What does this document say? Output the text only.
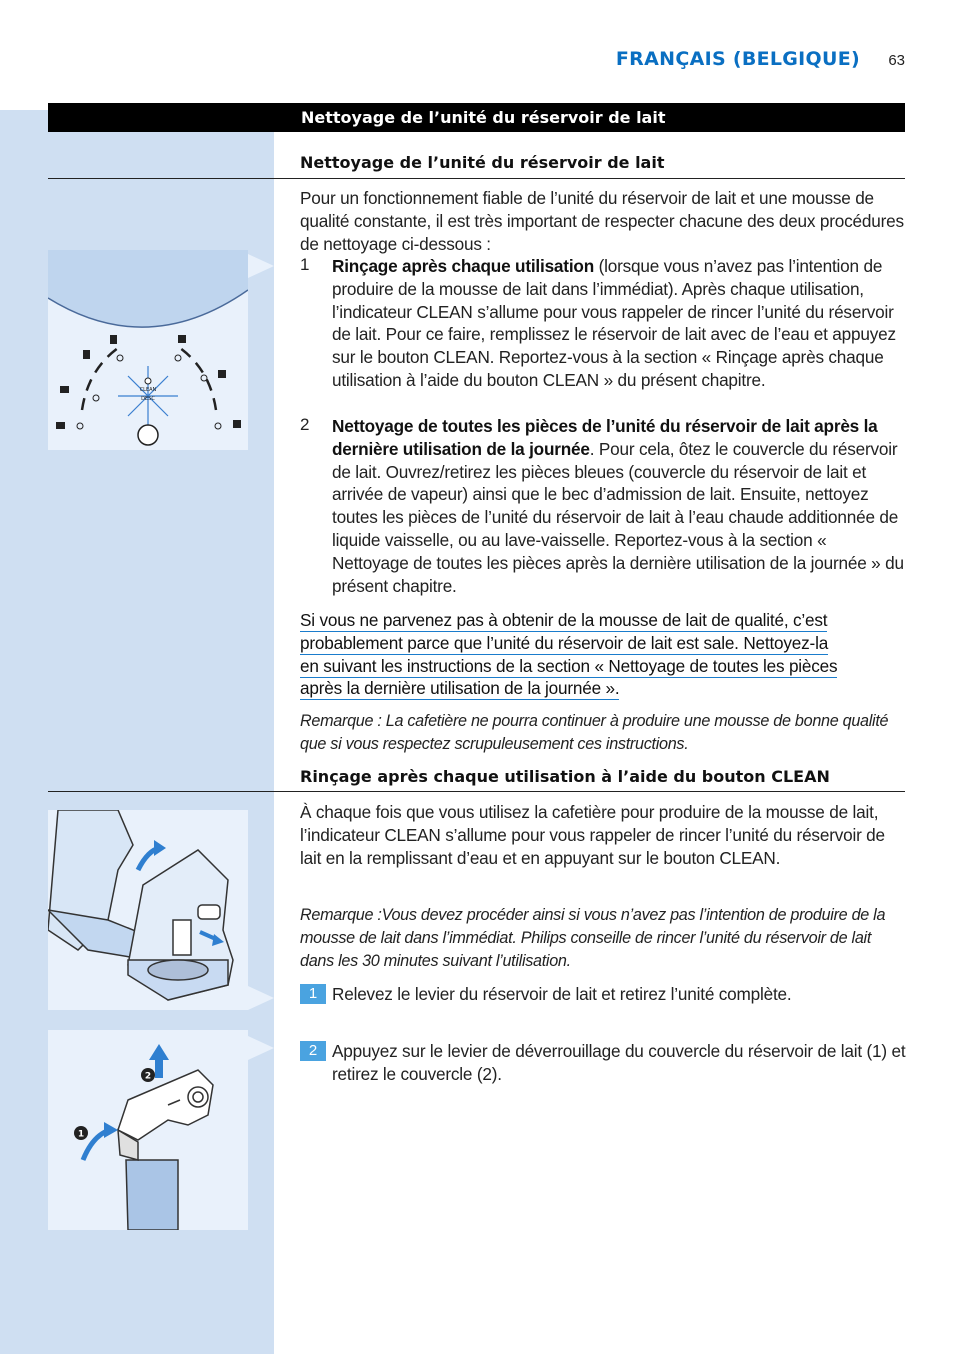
FRANÇAIS (BELGIQUE) 63
Nettoyage de l’unité du réservoir de lait
Nettoyage de l’unité du réservoir de lait
Pour un fonctionnement fiable de l’unité du réservoir de lait et une mousse de qualité constante, il est très important de respecter chacune des deux procédures de nettoyage ci-dessous :
1 Rinçage après chaque utilisation (lorsque vous n’avez pas l’intention de produire de la mousse de lait dans l’immédiat). Après chaque utilisation, l’indicateur CLEAN s’allume pour vous rappeler de rincer l’unité du réservoir de lait. Pour ce faire, remplissez le réservoir de lait avec de l’eau et appuyez sur le bouton CLEAN. Reportez-vous à la section « Rinçage après chaque utilisation à l’aide du bouton CLEAN » du présent chapitre.
2 Nettoyage de toutes les pièces de l’unité du réservoir de lait après la dernière utilisation de la journée. Pour cela, ôtez le couvercle du réservoir de lait. Ouvrez/retirez les pièces bleues (couvercle du réservoir de lait et arrivée de vapeur) ainsi que le bec d’admission de lait. Ensuite, nettoyez toutes les pièces de l’unité du réservoir de lait à l’eau chaude additionnée de liquide vaisselle, ou au lave-vaisselle. Reportez-vous à la section « Nettoyage de toutes les pièces après la dernière utilisation de la journée » du présent chapitre.
Si vous ne parvenez pas à obtenir de la mousse de lait de qualité, c’est
probablement parce que l’unité du réservoir de lait est sale. Nettoyez-la
en suivant les instructions de la section « Nettoyage de toutes les pièces
après la dernière utilisation de la journée ».
Remarque : La cafetière ne pourra continuer à produire une mousse de bonne qualité que si vous respectez scrupuleusement ces instructions.
Rinçage après chaque utilisation à l’aide du bouton CLEAN
À chaque fois que vous utilisez la cafetière pour produire de la mousse de lait, l’indicateur CLEAN s’allume pour vous rappeler de rincer l’unité du réservoir de lait en la remplissant d’eau et en appuyant sur le bouton CLEAN.
Remarque :Vous devez procéder ainsi si vous n’avez pas l’intention de produire de la mousse de lait dans l’immédiat. Philips conseille de rincer l’unité du réservoir de lait dans les 30 minutes suivant l’utilisation.
1 Relevez le levier du réservoir de lait et retirez l’unité complète.
2 Appuyez sur le levier de déverrouillage du couvercle du réservoir de lait (1) et retirez le couvercle (2).
CLEAN
DESC
2
1
